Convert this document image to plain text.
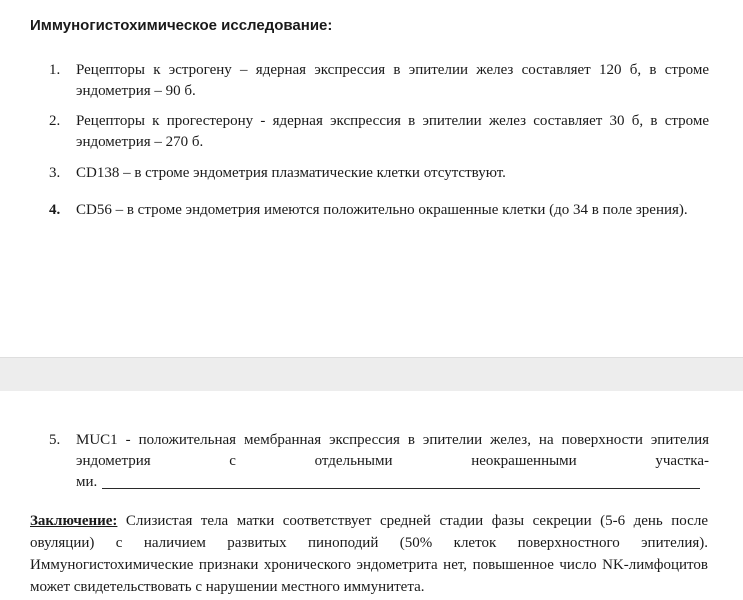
Иммуногистохимическое исследование:
1.	Рецепторы к эстрогену – ядерная экспрессия в эпителии желез составляет 120 б, в строме эндометрия – 90 б.
2.	Рецепторы к прогестерону - ядерная экспрессия в эпителии желез составляет 30 б, в строме эндометрия – 270 б.
3.	CD138 – в строме эндометрия плазматические клетки отсутствуют.
4.	CD56 – в строме эндометрия имеются положительно окрашенные клетки (до 34 в поле зрения).
5.	MUC1 - положительная мембранная экспрессия в эпителии желез, на поверхности эпителия эндометрия с отдельными неокрашенными участка-
ми.
Заключение: Слизистая тела матки соответствует средней стадии фазы секреции (5-6 день после овуляции) с наличием развитых пиноподий (50% клеток поверхностного эпителия). Иммуногистохимические признаки хронического эндометрита нет, повышенное число NK-лимфоцитов может свидетельствовать с нарушении местного иммунитета.
